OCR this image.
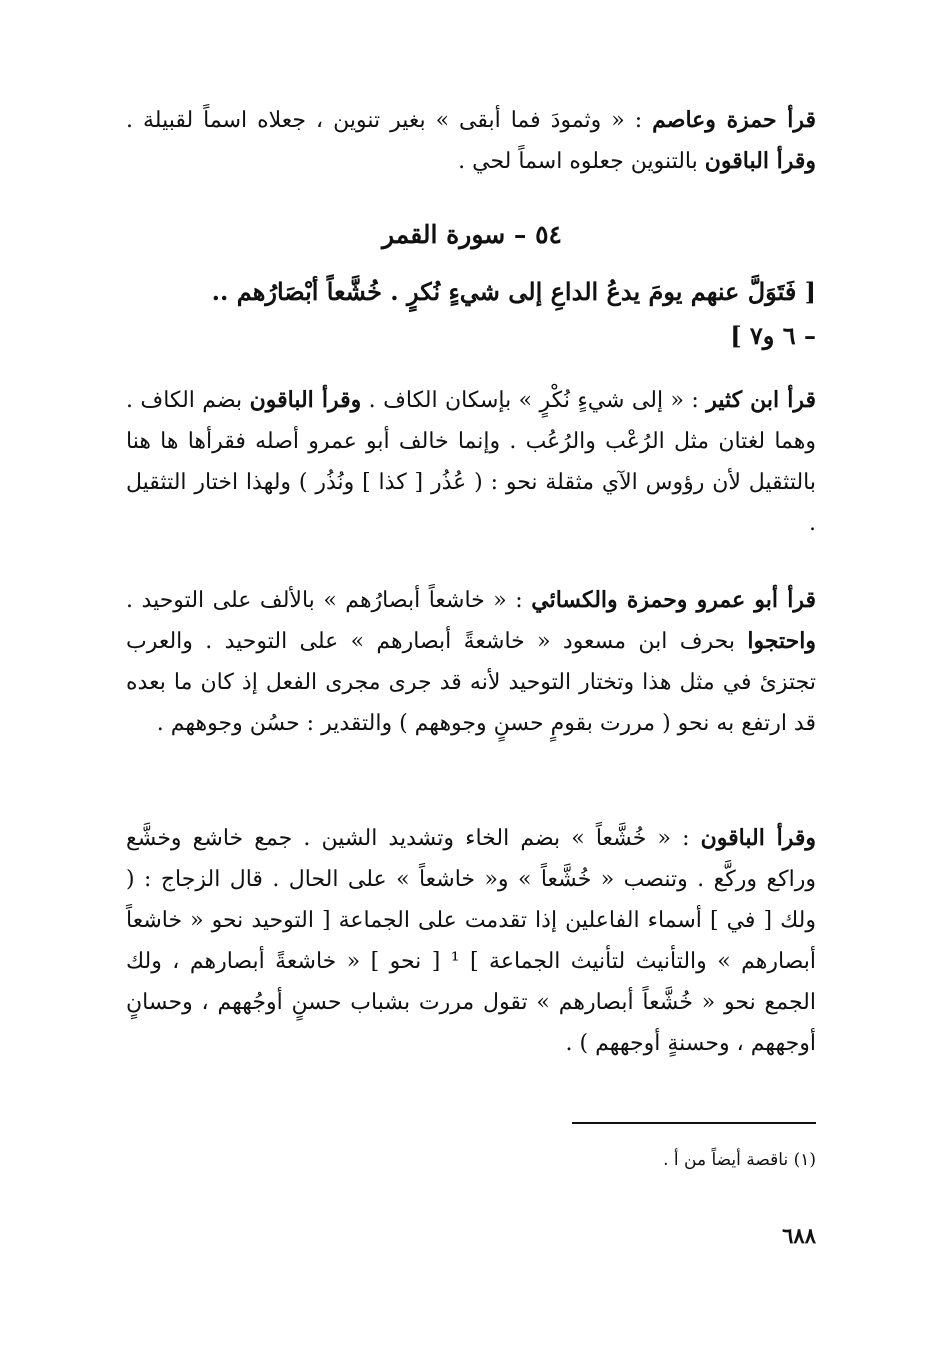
قرأ حمزة وعاصم : « وثمودَ فما أبقى » بغير تنوين ، جعلاه اسماً لقبيلة . وقرأ الباقون بالتنوين جعلوه اسماً لحي .
٥٤ – سورة القمر
[ فَتَوَلَّ عنهم يومَ يدعُ الداعِ إلى شيءٍ نُكرٍ . خُشَّعاً أبْصَارُهم ..
– ٦ و٧ ]
قرأ ابن كثير : « إلى شيءٍ نُكْرٍ » بإسكان الكاف . وقرأ الباقون بضم الكاف . وهما لغتان مثل الرُعْب والرُعُب . وإنما خالف أبو عمرو أصله فقرأها ها هنا بالتثقيل لأن رؤوس الآي مثقلة نحو : ( عُذُر [ كذا ] ونُذُر ) ولهذا اختار التثقيل .
قرأ أبو عمرو وحمزة والكسائي : « خاشعاً أبصارُهم » بالألف على التوحيد . واحتجوا بحرف ابن مسعود « خاشعةً أبصارهم » على التوحيد . والعرب تجتزئ في مثل هذا وتختار التوحيد لأنه قد جرى مجرى الفعل إذ كان ما بعده قد ارتفع به نحو ( مررت بقومٍ حسنٍ وجوههم ) والتقدير : حسُن وجوههم .
وقرأ الباقون : « خُشَّعاً » بضم الخاء وتشديد الشين . جمع خاشع وخشَّع وراكع وركَّع . وتنصب « خُشَّعاً » و« خاشعاً » على الحال . قال الزجاج : ( ولك [ في ] أسماء الفاعلين إذا تقدمت على الجماعة [ التوحيد نحو « خاشعاً أبصارهم » والتأنيث لتأنيث الجماعة ] ¹ [ نحو ] « خاشعةً أبصارهم ، ولك الجمع نحو « خُشَّعاً أبصارهم » تقول مررت بشباب حسنٍ أوجُههم ، وحسانٍ أوجههم ، وحسنةٍ أوجههم ) .
(١) ناقصة أيضاً من أ .
٦٨٨
